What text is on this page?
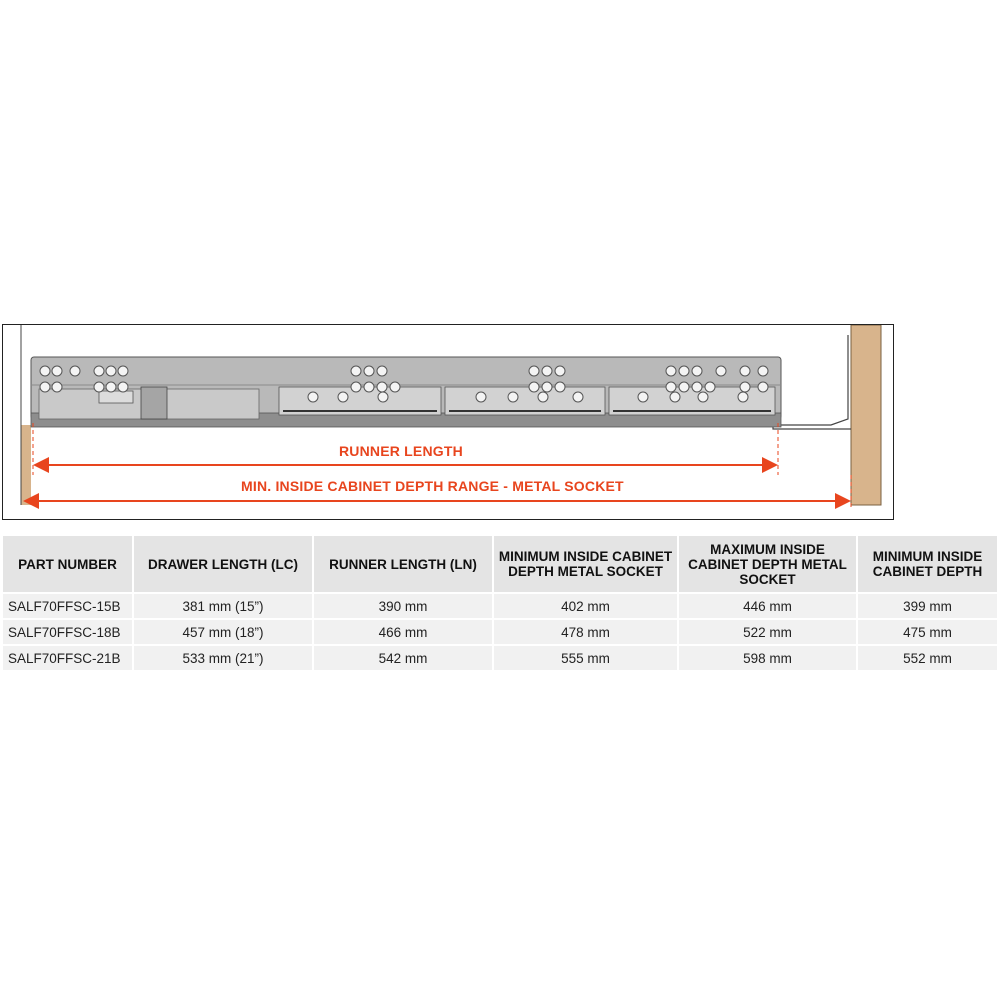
RUNNER LENGTH
MIN. INSIDE CABINET DEPTH RANGE - METAL SOCKET
PART NUMBER	DRAWER LENGTH (LC)	RUNNER LENGTH (LN)	MINIMUM INSIDE CABINET DEPTH METAL SOCKET	MAXIMUM INSIDE CABINET DEPTH METAL SOCKET	MINIMUM INSIDE CABINET DEPTH
SALF70FFSC-15B	381 mm (15”)	390 mm	402 mm	446 mm	399 mm
SALF70FFSC-18B	457 mm (18”)	466 mm	478 mm	522 mm	475 mm
SALF70FFSC-21B	533 mm (21”)	542 mm	555 mm	598 mm	552 mm
